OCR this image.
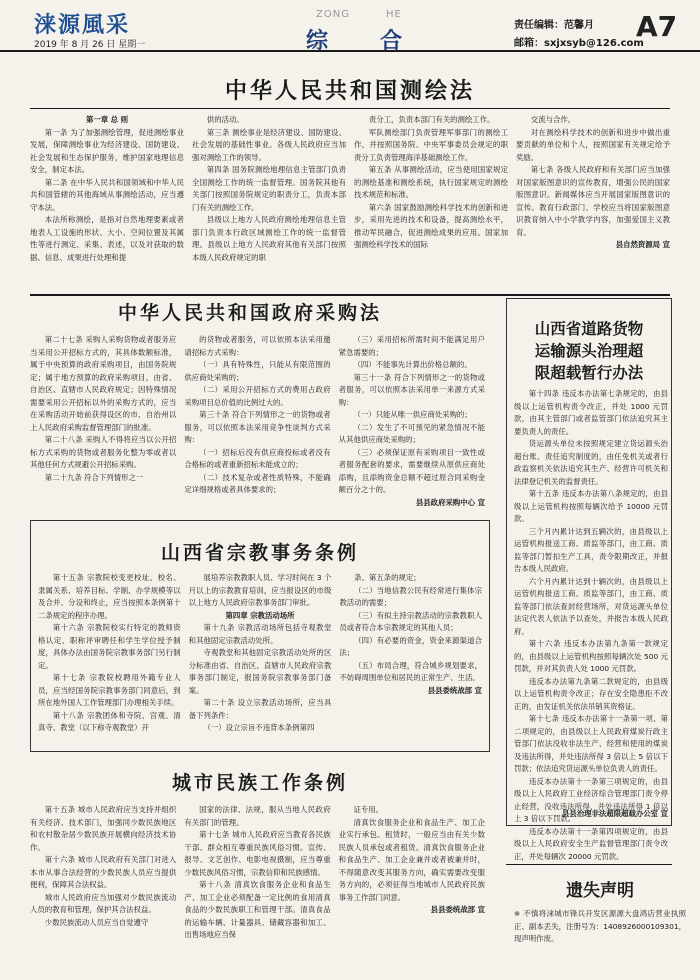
涞源風采
2019 年 8 月 26 日 星期一
ZONG	HE
综 合
责任编辑：范馨月
邮箱：sxjxsyb@126.com
A7
中华人民共和国测绘法

第一章 总 则

第一条 为了加强测绘管理，促进测绘事业发展，保障测绘事业为经济建设、国防建设、社会发展和生态保护服务，维护国家地理信息安全，制定本法。

第二条 在中华人民共和国领域和中华人民共和国管辖的其他海域从事测绘活动，应当遵守本法。

本法所称测绘，是指对自然地理要素或者地表人工设施的形状、大小、空间位置及其属性等进行测定、采集、表述，以及对获取的数据、信息、成果进行处理和提

供的活动。

第三条 测绘事业是经济建设、国防建设、社会发展的基础性事业。各级人民政府应当加强对测绘工作的领导。

第四条 国务院测绘地理信息主管部门负责全国测绘工作的统一监督管理。国务院其他有关部门按照国务院规定的职责分工，负责本部门有关的测绘工作。

县级以上地方人民政府测绘地理信息主管部门负责本行政区域测绘工作的统一监督管理。县级以上地方人民政府其他有关部门按照本级人民政府规定的职

责分工，负责本部门有关的测绘工作。

军队测绘部门负责管理军事部门的测绘工作，并按照国务院、中央军事委员会规定的职责分工负责管理海洋基础测绘工作。

第五条 从事测绘活动，应当使用国家规定的测绘基准和测绘系统，执行国家规定的测绘技术规范和标准。

第六条 国家鼓励测绘科学技术的创新和进步，采用先进的技术和设备，提高测绘水平，推动军民融合，促进测绘成果的应用。国家加强测绘科学技术的国际

交流与合作。

对在测绘科学技术的创新和进步中做出重要贡献的单位和个人，按照国家有关规定给予奖励。

第七条 各级人民政府和有关部门应当加强对国家版图意识的宣传教育，增强公民的国家版图意识。新闻媒体应当开展国家版图意识的宣传。教育行政部门、学校应当将国家版图意识教育纳入中小学教学内容，加强爱国主义教育。

县自然资源局 宣

中华人民共和国政府采购法

第二十七条 采购人采购货物或者服务应当采用公开招标方式的，其具体数额标准，属于中央预算的政府采购项目，由国务院规定；属于地方预算的政府采购项目，由省、自治区、直辖市人民政府规定；因特殊情况需要采用公开招标以外的采购方式的，应当在采购活动开始前获得设区的市、自治州以上人民政府采购监督管理部门的批准。

第二十八条 采购人不得将应当以公开招标方式采购的货物或者服务化整为零或者以其他任何方式规避公开招标采购。

第二十九条 符合下列情形之一

的货物或者服务，可以依照本法采用邀请招标方式采购：

（一）具有特殊性，只能从有限范围的供应商处采购的；

（二）采用公开招标方式的费用占政府采购项目总价值的比例过大的。

第三十条 符合下列情形之一的货物或者服务，可以依照本法采用竞争性谈判方式采购：

（一）招标后没有供应商投标或者没有合格标的或者重新招标未能成立的；

（二）技术复杂或者性质特殊，不能确定详细规格或者具体要求的；

（三）采用招标所需时间不能满足用户紧急需要的；

（四）不能事先计算出价格总额的。

第三十一条 符合下列情形之一的货物或者服务，可以依照本法采用单一来源方式采购：

（一）只能从唯一供应商处采购的；

（二）发生了不可预见的紧急情况不能从其他供应商处采购的；

（三）必须保证原有采购项目一致性或者服务配套的要求，需要继续从原供应商处添购，且添购资金总额不超过原合同采购金额百分之十的。

县县政府采购中心 宣

山西省宗教事务条例

第十五条 宗教院校变更校址、校名、隶属关系、培养目标、学制、办学规模等以及合并、分设和终止，应当按照本条例第十二条规定的程序办理。

第十六条 宗教院校实行特定的教师资格认定、职称评审聘任和学生学位授予制度，具体办法由国务院宗教事务部门另行制定。

第十七条 宗教院校聘用外籍专业人员，应当经国务院宗教事务部门同意后，到所在地外国人工作管理部门办理相关手续。

第十八条 宗教团体和寺院、宫观、清真寺、教堂（以下称寺观教堂）开

展培养宗教教职人员、学习时间在 3 个月以上的宗教教育培训，应当报设区的市级以上地方人民政府宗教事务部门审批。

第四章 宗教活动场所

第十九条 宗教活动场所包括寺观教堂和其他固定宗教活动处所。

寺观教堂和其他固定宗教活动处所的区分标准由省、自治区、直辖市人民政府宗教事务部门制定，报国务院宗教事务部门备案。

第二十条 设立宗教活动场所，应当具备下列条件：

（一）设立宗旨不违背本条例第四

条、第五条的规定；

（二）当地信教公民有经常进行集体宗教活动的需要；

（三）有拟主持宗教活动的宗教教职人员或者符合本宗教规定的其他人员；

（四）有必要的资金，资金来源渠道合法；

（五）布局合理，符合城乡规划要求，不妨碍周围单位和居民的正常生产、生活。

县县委统战部 宣

城市民族工作条例

第十五条 城市人民政府应当支持并组织有关经济、技术部门，加强同少数民族地区和农村散杂居少数民族开展横向经济技术协作。

第十六条 城市人民政府有关部门对进入本市从事合法经营的少数民族人员应当提供便利，保障其合法权益。

城市人民政府应当加强对少数民族流动人员的教育和管理，保护其合法权益。

少数民族流动人员应当自觉遵守

国家的法律、法规，服从当地人民政府有关部门的管理。

第十七条 城市人民政府应当教育各民族干部、群众相互尊重民族风俗习惯。宣传、报导、文艺创作、电影电视摄制，应当尊重少数民族风俗习惯，宗教信仰和民族感情。

第十八条 清真饮食服务企业和食品生产、加工企业必须配备一定比例的食用清真食品的少数民族职工和管理干部。清真食品的运输车辆、计量器具、储藏容器和加工、出售场地应当保

证专用。

清真饮食服务企业和食品生产、加工企业实行承包、租赁时，一般应当由有关少数民族人员承包或者租赁。清真饮食服务企业和食品生产、加工企业兼并或者被兼并时，不得随意改变其服务方向，确实需要改变服务方向的，必须征得当地城市人民政府民族事务工作部门同意。

县县委统战部 宣

山西省道路货物
运输源头治理超
限超载暂行办法

第十四条 违反本办法第七条规定的，由县级以上运管机构责令改正，并处 1000 元罚款，由其主管部门或者监管部门依法追究其主要负责人的责任。

货运源头单位未按照规定建立货运源头治超台账、责任追究制度的，由任免机关或者行政监察机关依法追究其生产、经营许可机关和法律登记机关的监督责任。

第十五条 违反本办法第八条规定的，由县级以上运管机构按照每辆次给予 10000 元罚款。

三个月内累计达到五辆次的，由县级以上运管机构报送工商、质监等部门，由工商、质监等部门暂扣生产工具，责令限期改正，并报告本级人民政府。

六个月内累计达到十辆次的，由县级以上运管机构报送工商、质监等部门，由工商、质监等部门依法查封经营场所，对货运源头单位法定代表人依法予以查处，并报告本级人民政府。

第十六条 违反本办法第九条第一款规定的，由县级以上运管机构按照每辆次处 500 元罚款，并对其负责人处 1000 元罚款。

违反本办法第九条第二款规定的，由县级以上运管机构责令改正；存在安全隐患拒不改正的，由发证机关依法吊销其资格证。

第十七条 违反本办法第十一条第一项、第二项规定的，由县级以上人民政府煤炭行政主管部门依法没收非法生产、经营和使用的煤炭及违法所得，并处违法所得 3 倍以上 5 倍以下罚款；依法追究货运源头单位负责人的责任。

违反本办法第十一条第三项规定的，由县级以上人民政府工业经济综合管理部门责令停止经营，没收违法所得，并处违法所得 1 倍以上 3 倍以下罚款。

违反本办法第十一条第四项规定的，由县级以上人民政府安全生产监督管理部门责令改正，并处每辆次 20000 元罚款。

县县治理非法超限超载办公室 宣
遗失声明
※ 不慎将涞城市锋兵开发区源源大盘鸿店营业执照正、副本丢失，注册号为：1408926000109301，现声明作废。
